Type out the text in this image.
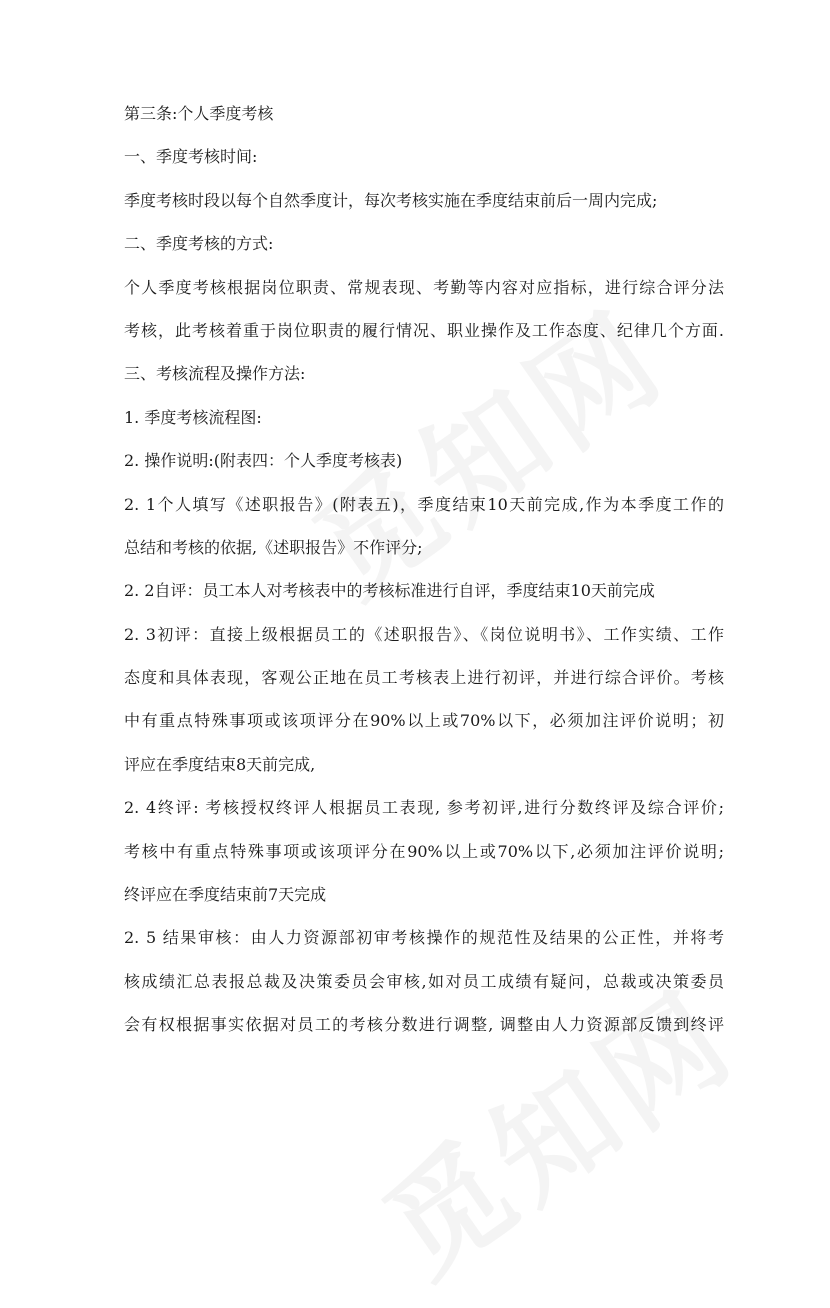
第三条:个人季度考核

一、季度考核时间:

季度考核时段以每个自然季度计，每次考核实施在季度结束前后一周内完成;

二、季度考核的方式:

个人季度考核根据岗位职责、常规表现、考勤等内容对应指标，进行综合评分法

考核，此考核着重于岗位职责的履行情况、职业操作及工作态度、纪律几个方面.

三、考核流程及操作方法:

1. 季度考核流程图:

2. 操作说明:(附表四：个人季度考核表)

2. 1个人填写《述职报告》(附表五)，季度结束10天前完成,作为本季度工作的

总结和考核的依据,《述职报告》不作评分;

2. 2自评：员工本人对考核表中的考核标准进行自评，季度结束10天前完成

2. 3初评：直接上级根据员工的《述职报告》、《岗位说明书》、工作实绩、工作

态度和具体表现，客观公正地在员工考核表上进行初评，并进行综合评价。考核

中有重点特殊事项或该项评分在90%以上或70%以下，必须加注评价说明；初

评应在季度结束8天前完成,

2. 4终评: 考核授权终评人根据员工表现, 参考初评,进行分数终评及综合评价;

考核中有重点特殊事项或该项评分在90%以上或70%以下,必须加注评价说明;

终评应在季度结束前7天完成

2. 5 结果审核：由人力资源部初审考核操作的规范性及结果的公正性，并将考

核成绩汇总表报总裁及决策委员会审核,如对员工成绩有疑问，总裁或决策委员

会有权根据事实依据对员工的考核分数进行调整, 调整由人力资源部反馈到终评
